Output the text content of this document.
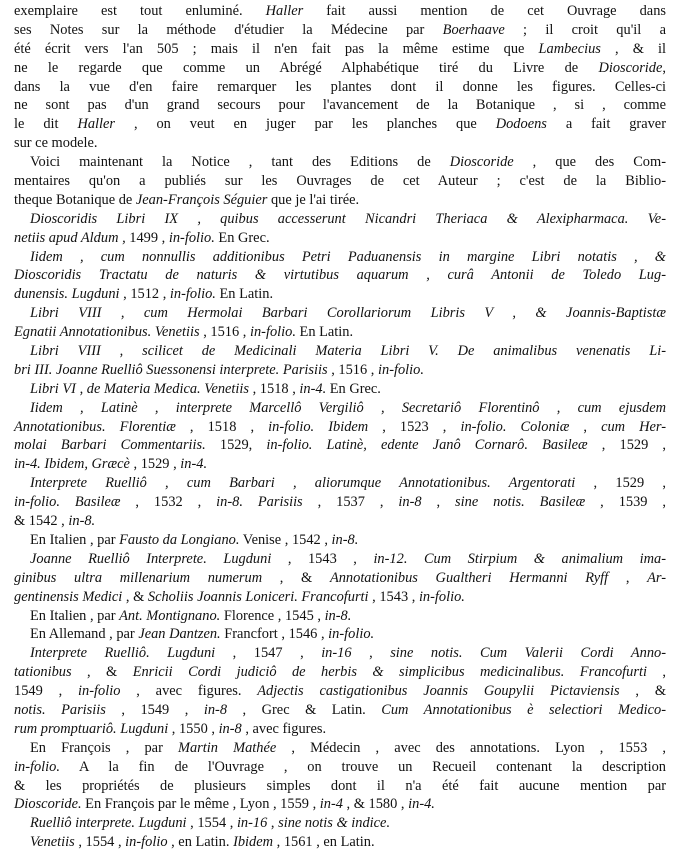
exemplaire est tout enluminé. Haller fait aussi mention de cet Ouvrage dans
ses Notes sur la méthode d'étudier la Médecine par Boerhaave ; il croit qu'il a
été écrit vers l'an 505 ; mais il n'en fait pas la même estime que Lambecius , & il
ne le regarde que comme un Abrégé Alphabétique tiré du Livre de Dioscoride,
dans la vue d'en faire remarquer les plantes dont il donne les figures. Celles-ci
ne sont pas d'un grand secours pour l'avancement de la Botanique , si , comme
le dit Haller , on veut en juger par les planches que Dodoens a fait graver
sur ce modele.
Voici maintenant la Notice , tant des Editions de Dioscoride , que des Com-
mentaires qu'on a publiés sur les Ouvrages de cet Auteur ; c'est de la Biblio-
theque Botanique de Jean-François Séguier que je l'ai tirée.
Dioscoridis Libri IX , quibus accesserunt Nicandri Theriaca & Alexipharmaca. Ve-
netiis apud Aldum , 1499 , in-folio. En Grec.
Iidem , cum nonnullis additionibus Petri Paduanensis in margine Libri notatis , &
Dioscoridis Tractatu de naturis & virtutibus aquarum , curâ Antonii de Toledo Lug-
dunensis. Lugduni , 1512 , in-folio. En Latin.
Libri VIII , cum Hermolai Barbari Corollariorum Libris V , & Joannis-Baptistæ
Egnatii Annotationibus. Venetiis , 1516 , in-folio. En Latin.
Libri VIII , scilicet de Medicinali Materia Libri V. De animalibus venenatis Li-
bri III. Joanne Ruelliô Suessonensi interprete. Parisiis , 1516 , in-folio.
Libri VI , de Materia Medica. Venetiis , 1518 , in-4. En Grec.
Iidem , Latinè , interprete Marcellô Vergiliô , Secretariô Florentinô , cum ejusdem
Annotationibus. Florentiæ , 1518 , in-folio. Ibidem , 1523 , in-folio. Coloniæ , cum Her-
molai Barbari Commentariis. 1529, in-folio. Latinè, edente Janô Cornarô. Basileæ , 1529 ,
in-4. Ibidem, Græcè , 1529 , in-4.
Interprete Ruelliô , cum Barbari , aliorumque Annotationibus. Argentorati , 1529 ,
in-folio. Basileæ , 1532 , in-8. Parisiis , 1537 , in-8 , sine notis. Basileæ , 1539 ,
& 1542 , in-8.
En Italien , par Fausto da Longiano. Venise , 1542 , in-8.
Joanne Ruelliô Interprete. Lugduni , 1543 , in-12. Cum Stirpium & animalium ima-
ginibus ultra millenarium numerum , & Annotationibus Gualtheri Hermanni Ryff , Ar-
gentinensis Medici , & Scholiis Joannis Loniceri. Francofurti , 1543 , in-folio.
En Italien , par Ant. Montignano. Florence , 1545 , in-8.
En Allemand , par Jean Dantzen. Francfort , 1546 , in-folio.
Interprete Ruelliô. Lugduni , 1547 , in-16 , sine notis. Cum Valerii Cordi Anno-
tationibus , & Enricii Cordi judiciô de herbis & simplicibus medicinalibus. Francofurti ,
1549 , in-folio , avec figures. Adjectis castigationibus Joannis Goupylii Pictaviensis , &
notis. Parisiis , 1549 , in-8 , Grec & Latin. Cum Annotationibus è selectiori Medico-
rum promptuariô. Lugduni , 1550 , in-8 , avec figures.
En François , par Martin Mathée , Médecin , avec des annotations. Lyon , 1553 ,
in-folio. A la fin de l'Ouvrage , on trouve un Recueil contenant la description
& les propriétés de plusieurs simples dont il n'a été fait aucune mention par
Dioscoride. En François par le même , Lyon , 1559 , in-4 , & 1580 , in-4.
Ruelliô interprete. Lugduni , 1554 , in-16 , sine notis & indice.
Venetiis , 1554 , in-folio , en Latin. Ibidem , 1561 , en Latin.
